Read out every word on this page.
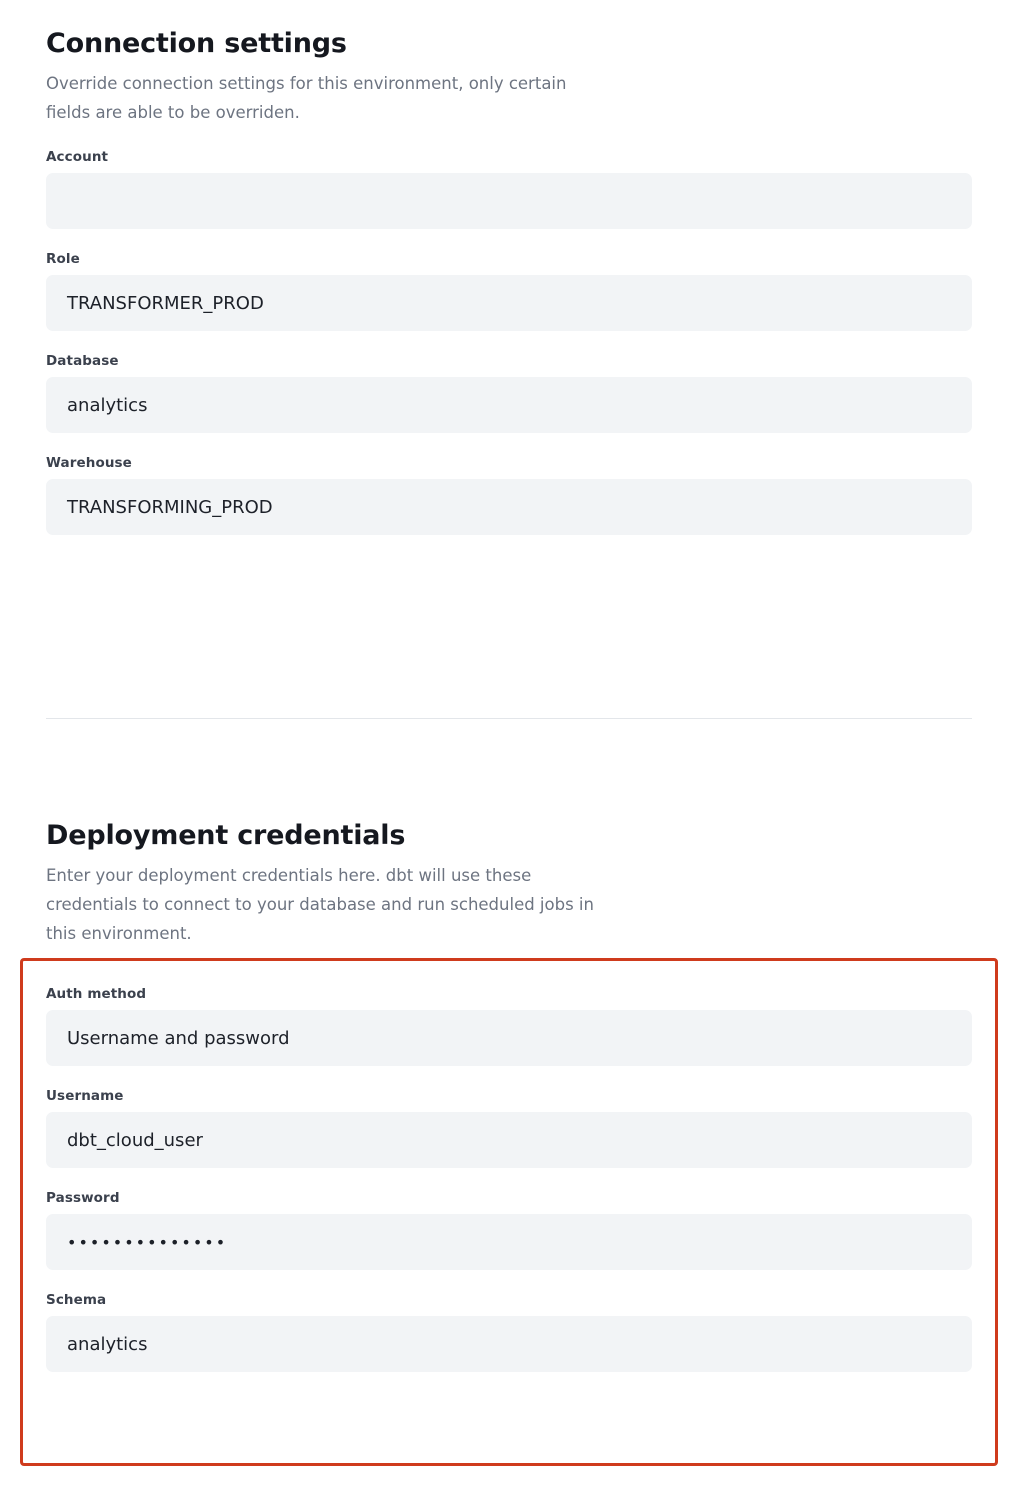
Connection settings

Override connection settings for this environment, only certain fields are able to be overriden.

Account
Role
TRANSFORMER_PROD
Database
analytics
Warehouse
TRANSFORMING_PROD
Deployment credentials

Enter your deployment credentials here. dbt will use these credentials to connect to your database and run scheduled jobs in this environment.

Auth method
Username and password
Username
dbt_cloud_user
Password
••••••••••••••
Schema
analytics
